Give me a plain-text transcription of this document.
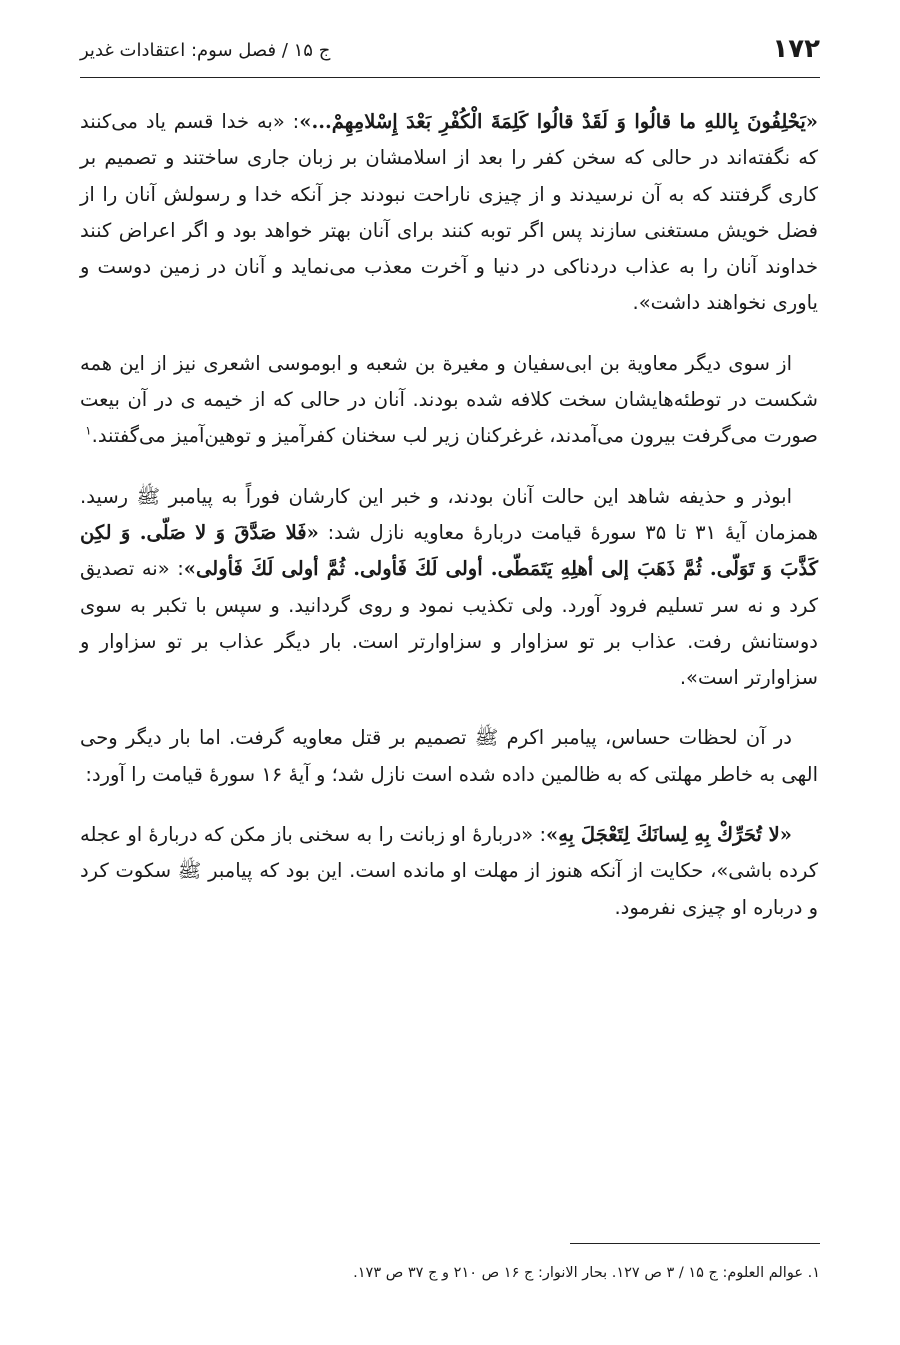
۱۷۲
ج ۱۵ / فصل سوم: اعتقادات غدیر

«يَحْلِفُونَ بِاللهِ ما قالُوا وَ لَقَدْ قالُوا كَلِمَةَ الْكُفْرِ بَعْدَ إِسْلامِهِمْ...»: «به خدا قسم یاد می‌کنند که نگفته‌اند در حالی که سخن کفر را بعد از اسلامشان بر زبان جاری ساختند و تصمیم بر کاری گرفتند که به آن نرسیدند و از چیزی ناراحت نبودند جز آنکه خدا و رسولش آنان را از فضل خویش مستغنی سازند پس اگر توبه کنند برای آنان بهتر خواهد بود و اگر اعراض کنند خداوند آنان را به عذاب دردناکی در دنیا و آخرت معذب می‌نماید و آنان در زمین دوست و یاوری نخواهند داشت».

از سوی دیگر معاویة بن ابی‌سفیان و مغیرة بن شعبه و ابوموسی اشعری نیز از این همه شکست در توطئه‌هایشان سخت کلافه شده بودند. آنان در حالی که از خیمه ی در آن بیعت صورت می‌گرفت بیرون می‌آمدند، غرغرکنان زیر لب سخنان کفرآمیز و توهین‌آمیز می‌گفتند.$^۱$

ابوذر و حذیفه شاهد این حالت آنان بودند، و خبر این کارشان فوراً به پیامبر ﷺ رسید. همزمان آیهٔ ۳۱ تا ۳۵ سورهٔ قیامت دربارهٔ معاویه نازل شد: «فَلا صَدَّقَ وَ لا صَلّى. وَ لكِن كَذَّبَ وَ تَوَلّى. ثُمَّ ذَهَبَ إلى أهلِهِ يَتَمَطّى. أولى لَكَ فَأولى. ثُمَّ أولى لَكَ فَأولى»: «نه تصدیق کرد و نه سر تسلیم فرود آورد. ولی تکذیب نمود و روی گردانید. و سپس با تکبر به سوی دوستانش رفت. عذاب بر تو سزاوار و سزاوارتر است. بار دیگر عذاب بر تو سزاوار و سزاوارتر است».

در آن لحظات حساس، پیامبر اکرم ﷺ تصمیم بر قتل معاویه گرفت. اما بار دیگر وحی الهی به خاطر مهلتی که به ظالمین داده شده است نازل شد؛ و آیهٔ ۱۶ سورهٔ قیامت را آورد:

«لا تُحَرِّكْ بِهِ لِسانَكَ لِتَعْجَلَ بِهِ»: «دربارهٔ او زبانت را به سخنی باز مکن که دربارهٔ او عجله کرده باشی»، حکایت از آنکه هنوز از مهلت او مانده است. این بود که پیامبر ﷺ سکوت کرد و درباره او چیزی نفرمود.

۱. عوالم العلوم: ج ۱۵ / ۳ ص ۱۲۷. بحار الانوار: ج ۱۶ ص ۲۱۰ و ج ۳۷ ص ۱۷۳.
